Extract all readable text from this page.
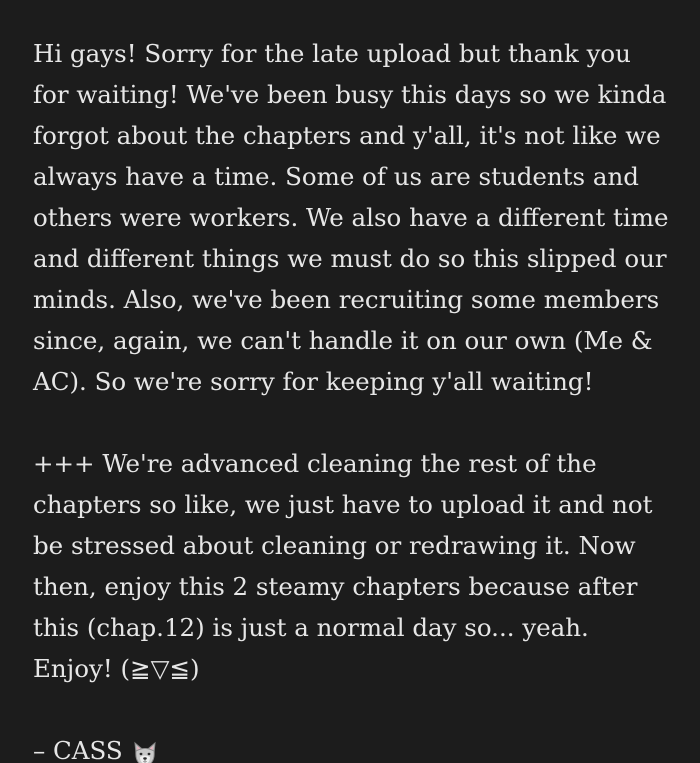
Hi gays! Sorry for the late upload but thank you for waiting! We've been busy this days so we kinda forgot about the chapters and y'all, it's not like we always have a time. Some of us are students and others were workers. We also have a different time and different things we must do so this slipped our minds. Also, we've been recruiting some members since, again, we can't handle it on our own (Me & AC). So we're sorry for keeping y'all waiting!

+++ We're advanced cleaning the rest of the chapters so like, we just have to upload it and not be stressed about cleaning or redrawing it. Now then, enjoy this 2 steamy chapters because after this (chap.12) is just a normal day so... yeah. Enjoy! (≧▽≦)

– CASS
